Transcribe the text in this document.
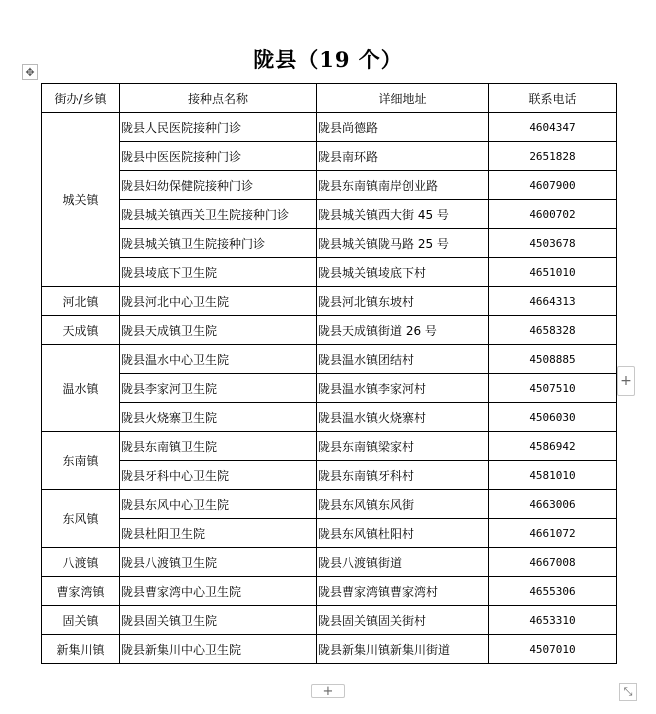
陇县（19 个）
✥
街办/乡镇	接种点名称	详细地址	联系电话
城关镇	陇县人民医院接种门诊	陇县尚德路	4604347
	陇县中医医院接种门诊	陇县南环路	2651828
	陇县妇幼保健院接种门诊	陇县东南镇南岸创业路	4607900
	陇县城关镇西关卫生院接种门诊	陇县城关镇西大街 45 号	4600702
	陇县城关镇卫生院接种门诊	陇县城关镇陇马路 25 号	4503678
	陇县堎底下卫生院	陇县城关镇堎底下村	4651010
河北镇	陇县河北中心卫生院	陇县河北镇东坡村	4664313
天成镇	陇县天成镇卫生院	陇县天成镇街道 26 号	4658328
温水镇	陇县温水中心卫生院	陇县温水镇团结村	4508885
	陇县李家河卫生院	陇县温水镇李家河村	4507510
	陇县火烧寨卫生院	陇县温水镇火烧寨村	4506030
东南镇	陇县东南镇卫生院	陇县东南镇梁家村	4586942
	陇县牙科中心卫生院	陇县东南镇牙科村	4581010
东风镇	陇县东风中心卫生院	陇县东风镇东风街	4663006
	陇县杜阳卫生院	陇县东风镇杜阳村	4661072
八渡镇	陇县八渡镇卫生院	陇县八渡镇街道	4667008
曹家湾镇	陇县曹家湾中心卫生院	陇县曹家湾镇曹家湾村	4655306
固关镇	陇县固关镇卫生院	陇县固关镇固关街村	4653310
新集川镇	陇县新集川中心卫生院	陇县新集川镇新集川街道	4507010
+
+	⤡
